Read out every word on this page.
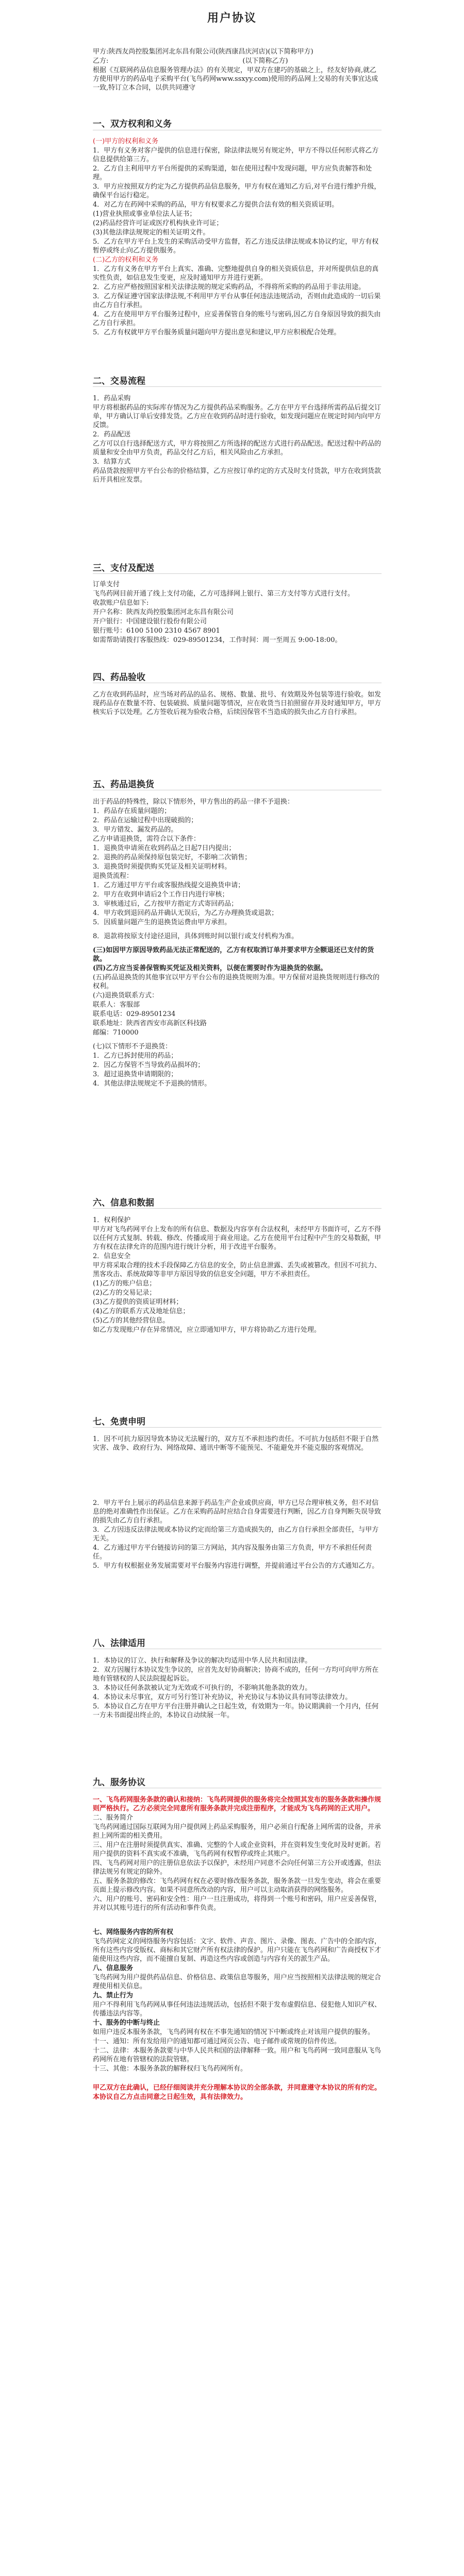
用户协议

甲方:陕西友尚控股集团河北东昌有限公司(陕西康昌庆河店)(以下简称甲方)

乙方:	(以下简称乙方)

根据《互联网药品信息服务管理办法》的有关规定，甲双方在建巧的基础之上，经友好协商,就乙方使用甲方的药品电子采购平台(飞鸟药网www.ssxyy.com)使用的药品网上交易的有关事宜达成一致,特订立本合同，以供共同遵守

一、双方权利和义务

(一)甲方的权利和义务

1．甲方有义务对客户提供的信息进行保密，除法律法规另有规定外，甲方不得以任何形式将乙方信息提供给第三方。

2．乙方自主利用甲方平台所提供的采购渠道，如在使用过程中发现问题，甲方应负责解答和处理。

3．甲方应按照双方约定为乙方提供药品信息服务，甲方有权在通知乙方后,对平台进行维护升级，确保平台运行稳定。

4．对乙方在药网中采购的药品，甲方有权要求乙方提供合法有效的相关资质证明。

(1)营业执照或事业单位法人证书；

(2)药品经营许可证或医疗机构执业许可证；

(3)其他法律法规规定的相关证明文件。

5．乙方在甲方平台上发生的采购活动受甲方监督，若乙方违反法律法规或本协议约定，甲方有权暂停或终止向乙方提供服务。

(二)乙方的权利和义务

1．乙方有义务在甲方平台上真实、准确、完整地提供自身的相关资质信息，并对所提供信息的真实性负责，如信息发生变更，应及时通知甲方并进行更新。

2．乙方应严格按照国家相关法律法规的规定采购药品，不得将所采购的药品用于非法用途。

3．乙方保证遵守国家法律法规,不利用甲方平台从事任何违法违规活动，否则由此造成的一切后果由乙方自行承担。

4．乙方在使用甲方平台服务过程中，应妥善保管自身的账号与密码,因乙方自身原因导致的损失由乙方自行承担。

5．乙方有权就甲方平台服务质量问题向甲方提出意见和建议,甲方应积极配合处理。

二、交易流程

1．药品采购

甲方将根据药品的实际库存情况为乙方提供药品采购服务。乙方在甲方平台选择所需药品后提交订单，甲方确认订单后安排发货。乙方应在收到药品时进行验收，如发现问题应在规定时间内向甲方反馈。

2．药品配送

乙方可以自行选择配送方式，甲方将按照乙方所选择的配送方式进行药品配送。配送过程中药品的质量和安全由甲方负责，药品交付乙方后，相关风险由乙方承担。

3．结算方式

药品货款按照甲方平台公布的价格结算，乙方应按订单约定的方式及时支付货款，甲方在收到货款后开具相应发票。

三、支付及配送

订单支付

飞鸟药网目前开通了线上支付功能，乙方可选择网上银行、第三方支付等方式进行支付。

收款账户信息如下:

开户名称：陕西友尚控股集团河北东昌有限公司

开户银行：中国建设银行股份有限公司

银行账号：6100 5100 2310 4567 8901

如需帮助请拨打客服热线：029-89501234，工作时间：周一至周五 9:00-18:00。

四、药品验收

乙方在收到药品时，应当场对药品的品名、规格、数量、批号、有效期及外包装等进行验收。如发现药品存在数量不符、包装破损、质量问题等情况，应在收货当日拍照留存并及时通知甲方，甲方核实后予以处理。乙方签收后视为验收合格，后续因保管不当造成的损失由乙方自行承担。

五、药品退换货

出于药品的特殊性，除以下情形外，甲方售出的药品一律不予退换：

1．药品存在质量问题的；

2．药品在运输过程中出现破损的；

3．甲方错发、漏发药品的。

乙方申请退换货，需符合以下条件：

1．退换货申请须在收到药品之日起7日内提出；

2．退换的药品须保持原包装完好，不影响二次销售；

3．退换货时须提供购买凭证及相关证明材料。

退换货流程：

1．乙方通过甲方平台或客服热线提交退换货申请；

2．甲方在收到申请后2个工作日内进行审核；

3．审核通过后，乙方按甲方指定方式寄回药品；

4．甲方收到退回药品并确认无误后，为乙方办理换货或退款；

5．因质量问题产生的退换货运费由甲方承担。

8．退款将按原支付途径退回，具体到账时间以银行或支付机构为准。

(三)如因甲方原因导致药品无法正常配送的，乙方有权取消订单并要求甲方全额退还已支付的货款。

(四)乙方应当妥善保管购买凭证及相关资料，以便在需要时作为退换货的依据。

(五)药品退换货的其他事宜以甲方平台公布的退换货规则为准。甲方保留对退换货规则进行修改的权利。

(六)退换货联系方式：

联系人：客服部

联系电话：029-89501234

联系地址：陕西省西安市高新区科技路

邮编：710000

(七)以下情形不予退换货：

1．乙方已拆封使用的药品；

2．因乙方保管不当导致药品损坏的；

3．超过退换货申请期限的；

4．其他法律法规规定不予退换的情形。

六、信息和数据

1．权利保护

甲方对飞鸟药网平台上发布的所有信息、数据及内容享有合法权利，未经甲方书面许可，乙方不得以任何方式复制、转载、修改、传播或用于商业用途。乙方在使用平台过程中产生的交易数据，甲方有权在法律允许的范围内进行统计分析，用于改进平台服务。

2．信息安全

甲方将采取合理的技术手段保障乙方信息的安全，防止信息泄露、丢失或被篡改。但因不可抗力、黑客攻击、系统故障等非甲方原因导致的信息安全问题，甲方不承担责任。

(1)乙方的账户信息；

(2)乙方的交易记录；

(3)乙方提供的资质证明材料；

(4)乙方的联系方式及地址信息；

(5)乙方的其他经营信息。

如乙方发现账户存在异常情况，应立即通知甲方，甲方将协助乙方进行处理。

七、免责申明

1．因不可抗力原因导致本协议无法履行的，双方互不承担违约责任。不可抗力包括但不限于自然灾害、战争、政府行为、网络故障、通讯中断等不能预见、不能避免并不能克服的客观情况。

2．甲方平台上展示的药品信息来源于药品生产企业或供应商，甲方已尽合理审核义务，但不对信息的绝对准确性作出保证。乙方在采购药品时应结合自身需要进行判断，因乙方自身判断失误导致的损失由乙方自行承担。

3．乙方因违反法律法规或本协议约定而给第三方造成损失的，由乙方自行承担全部责任，与甲方无关。

4．乙方通过甲方平台链接访问的第三方网站，其内容及服务由第三方负责，甲方不承担任何责任。

5．甲方有权根据业务发展需要对平台服务内容进行调整，并提前通过平台公告的方式通知乙方。

八、法律适用

1．本协议的订立、执行和解释及争议的解决均适用中华人民共和国法律。

2．双方因履行本协议发生争议的，应首先友好协商解决；协商不成的，任何一方均可向甲方所在地有管辖权的人民法院提起诉讼。

3．本协议任何条款被认定为无效或不可执行的，不影响其他条款的效力。

4．本协议未尽事宜，双方可另行签订补充协议，补充协议与本协议具有同等法律效力。

5．本协议自乙方在甲方平台注册并确认之日起生效，有效期为一年。协议期满前一个月内，任何一方未书面提出终止的，本协议自动续展一年。

九、服务协议

一、飞鸟药网服务条款的确认和接纳：飞鸟药网提供的服务将完全按照其发布的服务条款和操作规则严格执行。乙方必须完全同意所有服务条款并完成注册程序，才能成为飞鸟药网的正式用户。

二、服务简介

飞鸟药网通过国际互联网为用户提供网上药品采购服务，用户必须自行配备上网所需的设备，并承担上网所需的相关费用。

三、用户在注册时须提供真实、准确、完整的个人或企业资料，并在资料发生变化时及时更新。若用户提供的资料不真实或不准确，飞鸟药网有权暂停或终止其账户。

四、飞鸟药网对用户的注册信息依法予以保护，未经用户同意不会向任何第三方公开或透露，但法律法规另有规定的除外。

五、服务条款的修改：飞鸟药网有权在必要时修改服务条款，服务条款一旦发生变动，将会在重要页面上提示修改内容。如果不同意所改动的内容，用户可以主动取消获得的网络服务。

六、用户的账号、密码和安全性：用户一旦注册成功，将得到一个账号和密码，用户应妥善保管，并对以其账号进行的所有活动和事件负责。

七、网络服务内容的所有权

飞鸟药网定义的网络服务内容包括：文字、软件、声音、图片、录像、图表、广告中的全部内容，所有这些内容受版权、商标和其它财产所有权法律的保护。用户只能在飞鸟药网和广告商授权下才能使用这些内容，而不能擅自复制、再造这些内容或创造与内容有关的派生产品。

八、信息服务

飞鸟药网为用户提供药品信息、价格信息、政策信息等服务，用户应当按照相关法律法规的规定合理使用相关信息。

九、禁止行为

用户不得利用飞鸟药网从事任何违法违规活动，包括但不限于发布虚假信息、侵犯他人知识产权、传播违法内容等。

十、服务的中断与终止

如用户违反本服务条款，飞鸟药网有权在不事先通知的情况下中断或终止对该用户提供的服务。

十一、通知：所有发给用户的通知都可通过网页公告、电子邮件或常规的信件传送。

十二、法律：本服务条款要与中华人民共和国的法律解释一致。用户和飞鸟药网一致同意服从飞鸟药网所在地有管辖权的法院管辖。

十三、其他：本服务条款的解释权归飞鸟药网所有。

甲乙双方在此确认，已经仔细阅读并充分理解本协议的全部条款，并同意遵守本协议的所有约定。

本协议自乙方点击同意之日起生效，具有法律效力。
